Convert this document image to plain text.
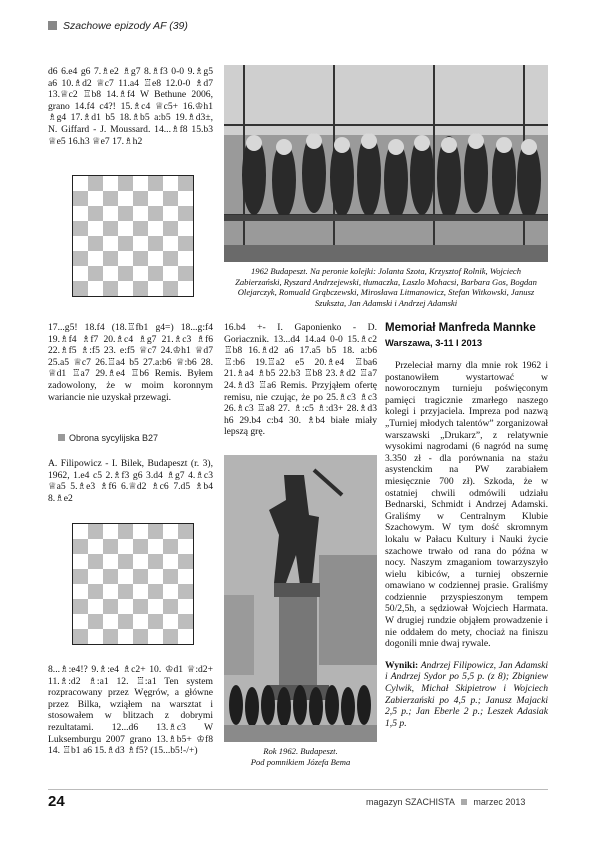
Szachowe epizody AF (39)
d6 6.e4 g6 7.♗e2 ♗g7 8.♗f3 0-0 9.♗g5 a6 10.♗d2 ♕c7 11.a4 ♖e8 12.0-0 ♗d7 13.♕c2 ♖b8 14.♗f4 W Bethune 2006, grano 14.f4 c4?! 15.♗c4 ♕c5+ 16.♔h1 ♗g4 17.♗d1 b5 18.♗b5 a:b5 19.♗d3±, N. Giffard - J. Moussard. 14...♗f8 15.b3 ♕e5 16.h3 ♕e7 17.♗h2
17...g5! 18.f4 (18.♖fb1 g4=) 18...g:f4 19.♗f4 ♗f7 20.♗c4 ♗g7 21.♗c3 ♗f6 22.♗f5 ♗:f5 23. e:f5 ♕c7 24.♔h1 ♕d7 25.a5 ♕c7 26.♖a4 b5 27.a:b6 ♕:b6 28. ♕d1 ♖a7 29.♗e4 ♖b6 Remis. Byłem zadowolony, że w moim koronnym wariancie nie uzyskał przewagi.
Obrona sycylijska B27
A. Filipowicz - I. Bilek, Budapeszt (r. 3), 1962, 1.e4 c5 2.♗f3 g6 3.d4 ♗g7 4.♗c3 ♕a5 5.♗e3 ♗f6 6.♕d2 ♗c6 7.d5 ♗b4 8.♗e2
8...♗:e4!? 9.♗:e4 ♗c2+ 10. ♔d1 ♕:d2+ 11.♗:d2 ♗:a1 12. ♖:a1 Ten system rozpracowany przez Węgrów, a główne przez Bilka, wziąłem na warsztat i stosowałem w blitzach z dobrymi rezultatami. 12...d6 13.♗c3 W Luksemburgu 2007 grano 13.♗b5+ ♔f8 14. ♖b1 a6 15.♗d3 ♗f5? (15...b5!-/+)
1962 Budapeszt. Na peronie kolejki: Jolanta Szota, Krzysztof Rolnik, Wojciech Zabierzański, Ryszard Andrzejewski, tłumaczka, Laszlo Mohacsi, Barbara Gos, Bogdan Olejarczyk, Romuald Grąbczewski, Mirosława Litmanowicz, Stefan Witkowski, Janusz Szukszta, Jan Adamski i Andrzej Adamski
16.b4 +- I. Gaponienko - D. Goriacznik. 13...d4 14.a4 0-0 15.♗c2 ♖b8 16.♗d2 a6 17.a5 b5 18. a:b6 ♖:b6 19.♖a2 e5 20.♗e4 ♖ba6 21.♗a4 ♗b5 22.b3 ♖b8 23.♗d2 ♖a7 24.♗d3 ♖a6 Remis. Przyjąłem ofertę remisu, nie czując, że po 25.♗c3 ♗c3 26.♗c3 ♖a8 27. ♗:c5 ♗:d3+ 28.♗d3 h6 29.b4 c:b4 30. ♗b4 białe miały lepszą grę.
Rok 1962. Budapeszt.
Pod pomnikiem Józefa Bema
Memoriał Manfreda Mannke
Warszawa, 3-11 I 2013
Przeleciał marny dla mnie rok 1962 i postanowiłem wystartować w noworocznym turnieju poświęconym pamięci tragicznie zmarłego naszego kolegi i przyjaciela. Impreza pod nazwą „Turniej młodych talentów” zorganizował warszawski „Drukarz”, z relatywnie wysokimi nagrodami (6 nagród na sumę 3.350 zł - dla porównania na stażu asystenckim na PW zarabiałem miesięcznie 700 zł). Szkoda, że w ostatniej chwili odmówili udziału Bednarski, Schmidt i Andrzej Adamski. Graliśmy w Centralnym Klubie Szachowym. W tym dość skromnym lokalu w Pałacu Kultury i Nauki życie szachowe trwało od rana do późna w nocy. Naszym zmaganiom towarzyszyło wielu kibiców, a turniej obszernie omawiano w codziennej prasie. Graliśmy codziennie przyspieszonym tempem 50/2,5h, a sędziował Wojciech Harmata. W drugiej rundzie objąłem prowadzenie i nie oddałem do mety, chociaż na finiszu dogonili mnie dwaj rywale.
Wyniki: Andrzej Filipowicz, Jan Adamski i Andrzej Sydor po 5,5 p. (z 8); Zbigniew Cylwik, Michał Skipietrow i Wojciech Zabierzański po 4,5 p.; Janusz Majacki 2,5 p.; Jan Eberle 2 p.; Leszek Adasiak 1,5 p.
24	magazyn SZACHISTA marzec 2013
